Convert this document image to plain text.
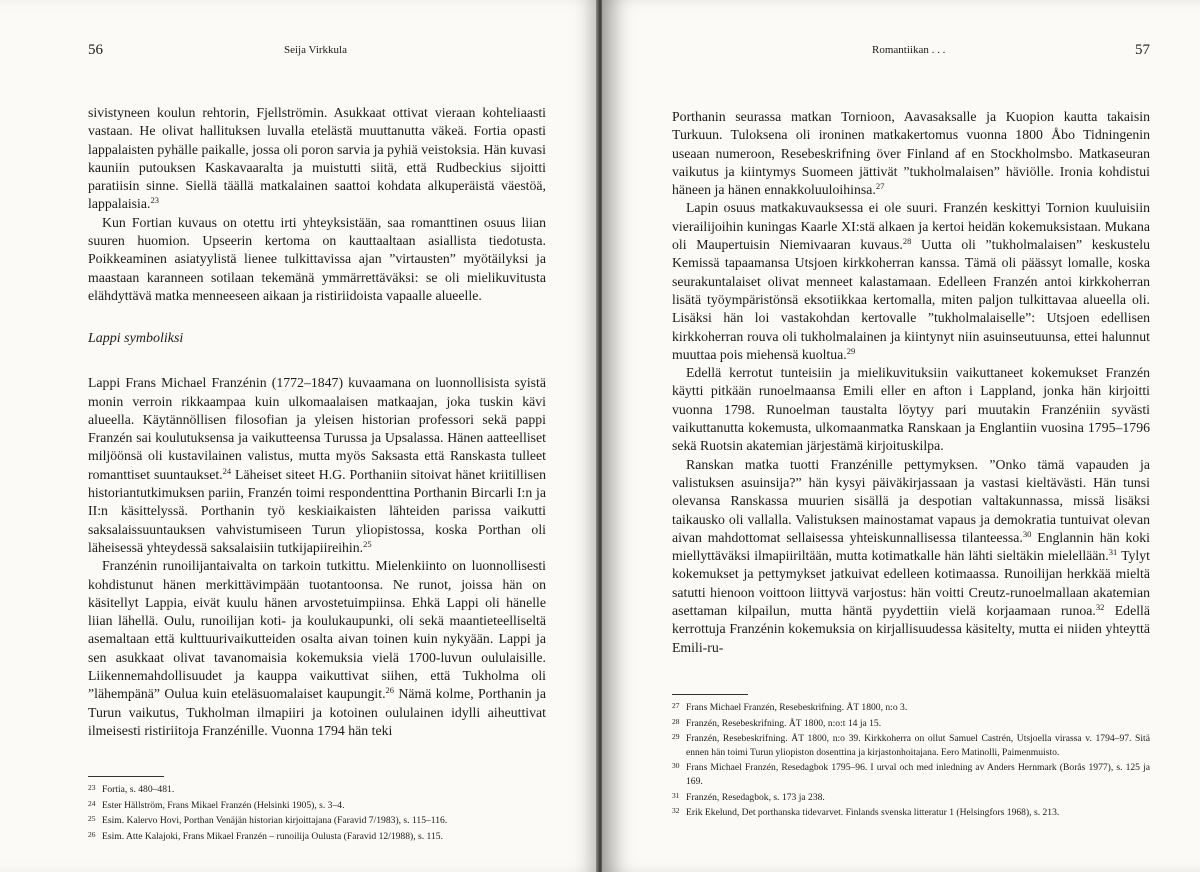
56	Seija Virkkula

sivistyneen koulun rehtorin, Fjellströmin. Asukkaat ottivat vieraan kohteliaasti vastaan. He olivat hallituksen luvalla etelästä muuttanutta väkeä. Fortia opasti lappalaisten pyhälle paikalle, jossa oli poron sarvia ja pyhiä veistoksia. Hän kuvasi kauniin putouksen Kaskavaaralta ja muistutti siitä, että Rudbeckius sijoitti paratiisin sinne. Siellä täällä matkalainen saattoi kohdata alkuperäistä väestöä, lappalaisia.$^{23}$

Kun Fortian kuvaus on otettu irti yhteyksistään, saa romanttinen osuus liian suuren huomion. Upseerin kertoma on kauttaaltaan asiallista tiedotusta. Poikkeaminen asiatyylistä lienee tulkittavissa ajan ”virtausten” myötäilyksi ja maastaan karanneen sotilaan tekemänä ymmärrettäväksi: se oli mielikuvitusta elähdyttävä matka menneeseen aikaan ja ristiriidoista vapaalle alueelle.

Lappi symboliksi

Lappi Frans Michael Franzénin (1772–1847) kuvaamana on luonnollisista syistä monin verroin rikkaampaa kuin ulkomaalaisen matkaajan, joka tuskin kävi alueella. Käytännöllisen filosofian ja yleisen historian professori sekä pappi Franzén sai koulutuksensa ja vaikutteensa Turussa ja Upsalassa. Hänen aatteelliset miljöönsä oli kustavilainen valistus, mutta myös Saksasta että Ranskasta tulleet romanttiset suuntaukset.$^{24}$ Läheiset siteet H.G. Porthaniin sitoivat hänet kriitillisen historiantutkimuksen pariin, Franzén toimi respondenttina Porthanin Bircarli I:n ja II:n käsittelyssä. Porthanin työ keskiaikaisten lähteiden parissa vaikutti saksalaissuuntauksen vahvistumiseen Turun yliopistossa, koska Porthan oli läheisessä yhteydessä saksalaisiin tutkijapiireihin.$^{25}$

Franzénin runoilijantaivalta on tarkoin tutkittu. Mielenkiinto on luonnollisesti kohdistunut hänen merkittävimpään tuotantoonsa. Ne runot, joissa hän on käsitellyt Lappia, eivät kuulu hänen arvostetuimpiinsa. Ehkä Lappi oli hänelle liian lähellä. Oulu, runoilijan koti- ja koulukaupunki, oli sekä maantieteelliseltä asemaltaan että kulttuurivaikutteiden osalta aivan toinen kuin nykyään. Lappi ja sen asukkaat olivat tavanomaisia kokemuksia vielä 1700-luvun oululaisille. Liikennemahdollisuudet ja kauppa vaikuttivat siihen, että Tukholma oli ”lähempänä” Oulua kuin eteläsuomalaiset kaupungit.$^{26}$ Nämä kolme, Porthanin ja Turun vaikutus, Tukholman ilmapiiri ja kotoinen oululainen idylli aiheuttivat ilmeisesti ristiriitoja Franzénille. Vuonna 1794 hän teki

23 Fortia, s. 480–481.

24 Ester Hällström, Frans Mikael Franzén (Helsinki 1905), s. 3–4.

25 Esim. Kalervo Hovi, Porthan Venäjän historian kirjoittajana (Faravid 7/1983), s. 115–116.

26 Esim. Atte Kalajoki, Frans Mikael Franzén – runoilija Oulusta (Faravid 12/1988), s. 115.

Romantiikan . . .	57

Porthanin seurassa matkan Tornioon, Aavasaksalle ja Kuopion kautta takaisin Turkuun. Tuloksena oli ironinen matkakertomus vuonna 1800 Åbo Tidningenin useaan numeroon, Resebeskrifning över Finland af en Stockholmsbo. Matkaseuran vaikutus ja kiintymys Suomeen jättivät ”tukholmalaisen” häviölle. Ironia kohdistui häneen ja hänen ennakkoluuloihinsa.$^{27}$

Lapin osuus matkakuvauksessa ei ole suuri. Franzén keskittyi Tornion kuuluisiin vierailijoihin kuningas Kaarle XI:stä alkaen ja kertoi heidän kokemuksistaan. Mukana oli Maupertuisin Niemivaaran kuvaus.$^{28}$ Uutta oli ”tukholmalaisen” keskustelu Kemissä tapaamansa Utsjoen kirkkoherran kanssa. Tämä oli päässyt lomalle, koska seurakuntalaiset olivat menneet kalastamaan. Edelleen Franzén antoi kirkkoherran lisätä työympäristönsä eksotiikkaa kertomalla, miten paljon tulkittavaa alueella oli. Lisäksi hän loi vastakohdan kertovalle ”tukholmalaiselle”: Utsjoen edellisen kirkkoherran rouva oli tukholmalainen ja kiintynyt niin asuinseutuunsa, ettei halunnut muuttaa pois miehensä kuoltua.$^{29}$

Edellä kerrotut tunteisiin ja mielikuvituksiin vaikuttaneet kokemukset Franzén käytti pitkään runoelmaansa Emili eller en afton i Lappland, jonka hän kirjoitti vuonna 1798. Runoelman taustalta löytyy pari muutakin Franzéniin syvästi vaikuttanutta kokemusta, ulkomaanmatka Ranskaan ja Englantiin vuosina 1795–1796 sekä Ruotsin akatemian järjestämä kirjoituskilpa.

Ranskan matka tuotti Franzénille pettymyksen. ”Onko tämä vapauden ja valistuksen asuinsija?” hän kysyi päiväkirjassaan ja vastasi kieltävästi. Hän tunsi olevansa Ranskassa muurien sisällä ja despotian valtakunnassa, missä lisäksi taikausko oli vallalla. Valistuksen mainostamat vapaus ja demokratia tuntuivat olevan aivan mahdottomat sellaisessa yhteiskunnallisessa tilanteessa.$^{30}$ Englannin hän koki miellyttäväksi ilmapiiriltään, mutta kotimatkalle hän lähti sieltäkin mielellään.$^{31}$ Tylyt kokemukset ja pettymykset jatkuivat edelleen kotimaassa. Runoilijan herkkää mieltä satutti hienoon voittoon liittyvä varjostus: hän voitti Creutz-runoelmallaan akatemian asettaman kilpailun, mutta häntä pyydettiin vielä korjaamaan runoa.$^{32}$ Edellä kerrottuja Franzénin kokemuksia on kirjallisuudessa käsitelty, mutta ei niiden yhteyttä Emili-ru-

27 Frans Michael Franzén, Resebeskrifning. ÅT 1800, n:o 3.

28 Franzén, Resebeskrifning. ÅT 1800, n:o:t 14 ja 15.

29 Franzén, Resebeskrifning. ÅT 1800, n:o 39. Kirkkoherra on ollut Samuel Castrén, Utsjoella virassa v. 1794–97. Sitä ennen hän toimi Turun yliopiston dosenttina ja kirjastonhoitajana. Eero Matinolli, Paimenmuisto.

30 Frans Michael Franzén, Resedagbok 1795–96. I urval och med inledning av Anders Hernmark (Borås 1977), s. 125 ja 169.

31 Franzén, Resedagbok, s. 173 ja 238.

32 Erik Ekelund, Det porthanska tidevarvet. Finlands svenska litteratur 1 (Helsingfors 1968), s. 213.
